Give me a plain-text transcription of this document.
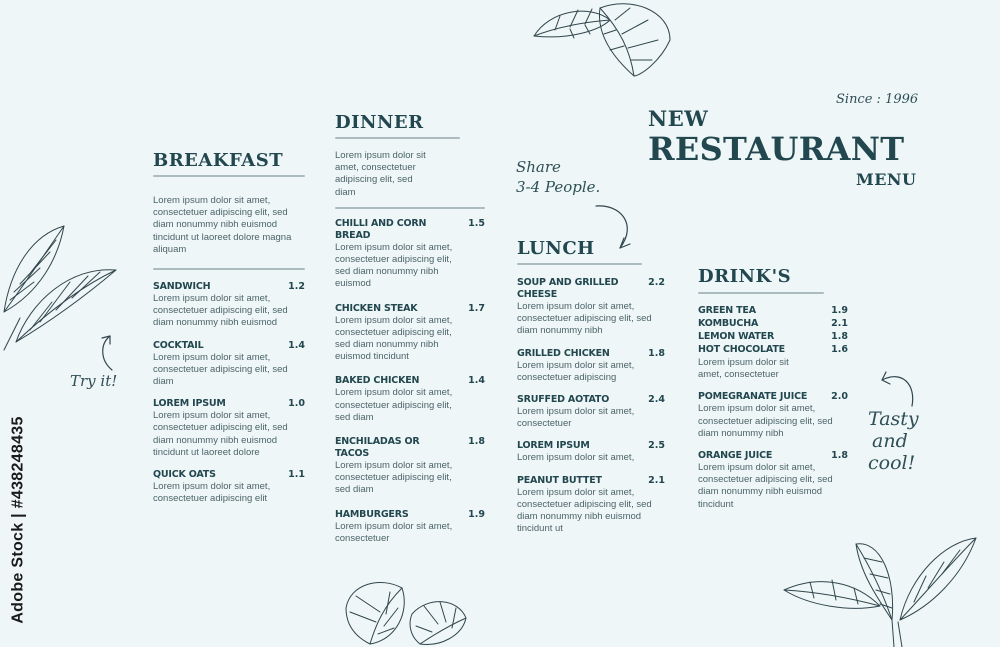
Share
3-4 People.
Try it!
Tasty
and
cool!
Since : 1996
NEW
RESTAURANT
MENU
BREAKFAST
Lorem ipsum dolor sit amet, consectetuer adipiscing elit, sed diam nonummy nibh euismod tincidunt ut laoreet dolore magna aliquam
SANDWICH	1.2
Lorem ipsum dolor sit amet, consectetuer adipiscing elit, sed diam nonummy nibh euismod
COCKTAIL	1.4
Lorem ipsum dolor sit amet, consectetuer adipiscing elit, sed diam
LOREM IPSUM	1.0
Lorem ipsum dolor sit amet, consectetuer adipiscing elit, sed diam nonummy nibh euismod tincidunt ut laoreet dolore
QUICK OATS	1.1
Lorem ipsum dolor sit amet, consectetuer adipiscing elit
DINNER
Lorem ipsum dolor sit amet, consectetuer adipiscing elit, sed diam
CHILLI AND CORN BREAD
1.5
Lorem ipsum dolor sit amet, consectetuer adipiscing elit, sed diam nonummy nibh euismod
CHICKEN STEAK	1.7
Lorem ipsum dolor sit amet, consectetuer adipiscing elit, sed diam nonummy nibh euismod tincidunt
BAKED CHICKEN	1.4
Lorem ipsum dolor sit amet, consectetuer adipiscing elit, sed diam
ENCHILADAS OR TACOS
1.8
Lorem ipsum dolor sit amet, consectetuer adipiscing elit, sed diam
HAMBURGERS	1.9
Lorem ipsum dolor sit amet, consectetuer
LUNCH
SOUP AND GRILLED CHEESE
2.2
Lorem ipsum dolor sit amet, consectetuer adipiscing elit, sed diam nonummy nibh
GRILLED CHICKEN	1.8
Lorem ipsum dolor sit amet, consectetuer adipiscing
SRUFFED AOTATO	2.4
Lorem ipsum dolor sit amet, consectetuer
LOREM IPSUM	2.5
Lorem ipsum dolor sit amet,
PEANUT BUTTET	2.1
Lorem ipsum dolor sit amet, consectetuer adipiscing elit, sed diam nonummy nibh euismod tincidunt ut
DRINK'S
GREEN TEA	1.9
KOMBUCHA	2.1
LEMON WATER	1.8
HOT CHOCOLATE	1.6
Lorem ipsum dolor sit amet, consectetuer
POMEGRANATE JUICE	2.0
Lorem ipsum dolor sit amet, consectetuer adipiscing elit, sed diam nonummy nibh
ORANGE JUICE	1.8
Lorem ipsum dolor sit amet, consectetuer adipiscing elit, sed diam nonummy nibh euismod tincidunt
Adobe Stock | #438248435
